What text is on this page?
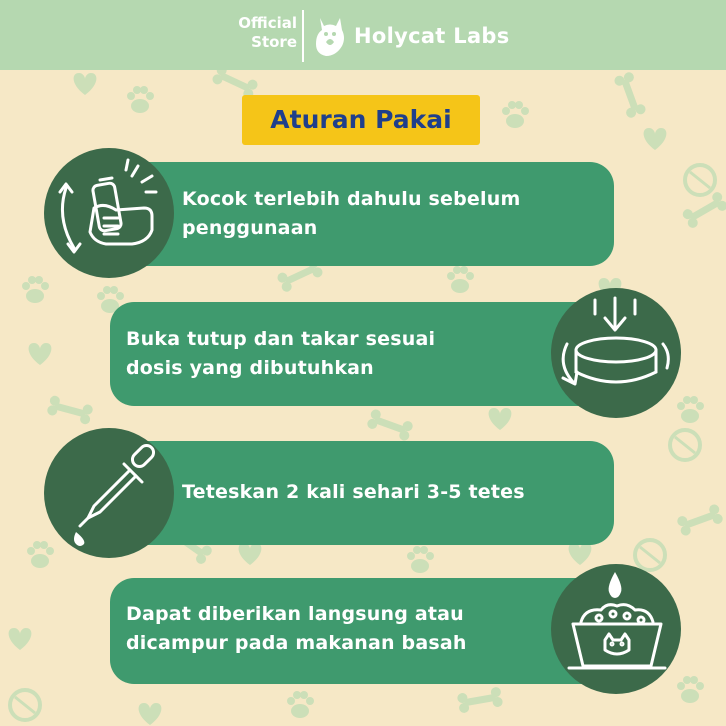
Official
Store	Holycat Labs
Aturan Pakai
Kocok terlebih dahulu sebelum
penggunaan
Buka tutup dan takar sesuai
dosis yang dibutuhkan
Teteskan 2 kali sehari 3-5 tetes
Dapat diberikan langsung atau
dicampur pada makanan basah
